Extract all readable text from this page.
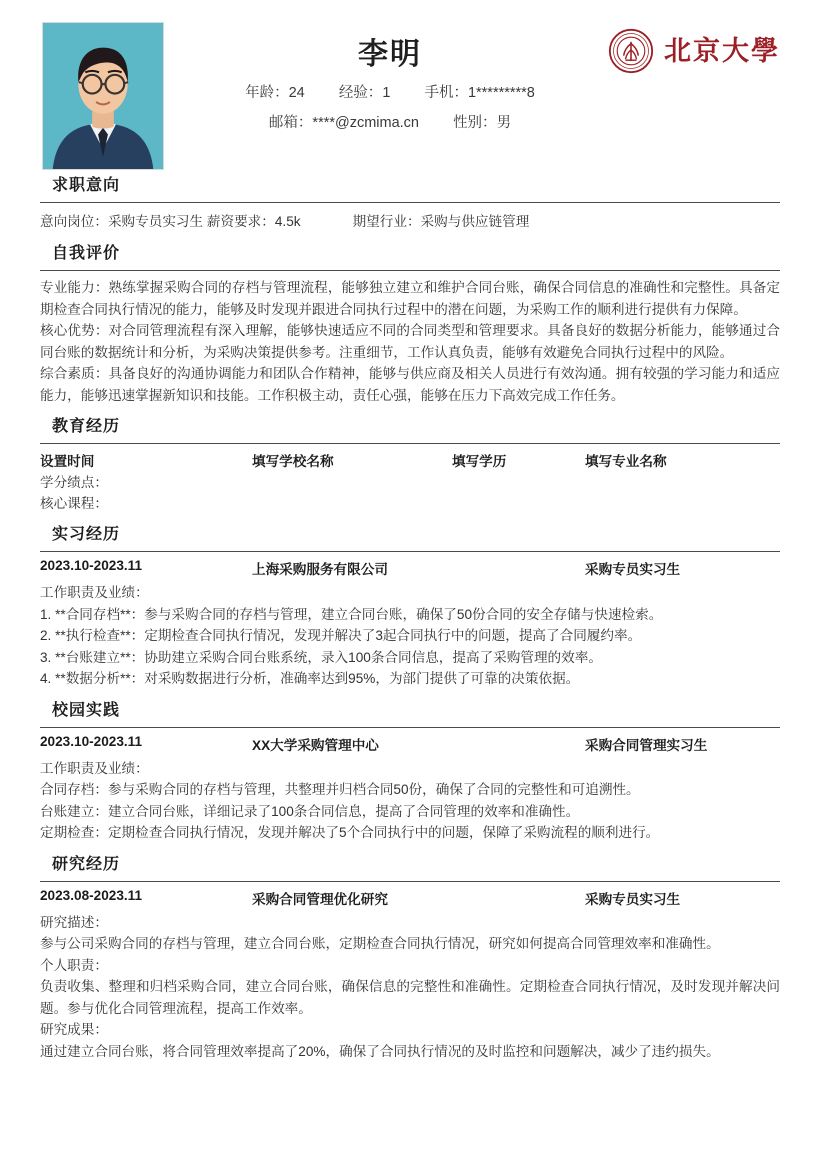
李明
年龄：24 经验：1 手机：1*********8
邮箱：****@zcmima.cn 性别：男
北京大學
求职意向
意向岗位：采购专员实习生 薪资要求：4.5k	期望行业：采购与供应链管理
自我评价

专业能力：熟练掌握采购合同的存档与管理流程，能够独立建立和维护合同台账，确保合同信息的准确性和完整性。具备定期检查合同执行情况的能力，能够及时发现并跟进合同执行过程中的潜在问题，为采购工作的顺利进行提供有力保障。

核心优势：对合同管理流程有深入理解，能够快速适应不同的合同类型和管理要求。具备良好的数据分析能力，能够通过合同台账的数据统计和分析，为采购决策提供参考。注重细节，工作认真负责，能够有效避免合同执行过程中的风险。

综合素质：具备良好的沟通协调能力和团队合作精神，能够与供应商及相关人员进行有效沟通。拥有较强的学习能力和适应能力，能够迅速掌握新知识和技能。工作积极主动，责任心强，能够在压力下高效完成工作任务。

教育经历
设置时间	填写学校名称	填写学历	填写专业名称
学分绩点：
核心课程：
实习经历
2023.10-2023.11	上海采购服务有限公司	采购专员实习生
工作职责及业绩：
1. **合同存档**：参与采购合同的存档与管理，建立合同台账，确保了50份合同的安全存储与快速检索。
2. **执行检查**：定期检查合同执行情况，发现并解决了3起合同执行中的问题，提高了合同履约率。
3. **台账建立**：协助建立采购合同台账系统，录入100条合同信息，提高了采购管理的效率。
4. **数据分析**：对采购数据进行分析，准确率达到95%，为部门提供了可靠的决策依据。
校园实践
2023.10-2023.11	XX大学采购管理中心	采购合同管理实习生
工作职责及业绩：
合同存档：参与采购合同的存档与管理，共整理并归档合同50份，确保了合同的完整性和可追溯性。
台账建立：建立合同台账，详细记录了100条合同信息，提高了合同管理的效率和准确性。
定期检查：定期检查合同执行情况，发现并解决了5个合同执行中的问题，保障了采购流程的顺利进行。
研究经历
2023.08-2023.11	采购合同管理优化研究	采购专员实习生
研究描述：
参与公司采购合同的存档与管理，建立合同台账，定期检查合同执行情况，研究如何提高合同管理效率和准确性。
个人职责：
负责收集、整理和归档采购合同，建立合同台账，确保信息的完整性和准确性。定期检查合同执行情况，及时发现并解决问题。参与优化合同管理流程，提高工作效率。
研究成果：
通过建立合同台账，将合同管理效率提高了20%，确保了合同执行情况的及时监控和问题解决，减少了违约损失。
